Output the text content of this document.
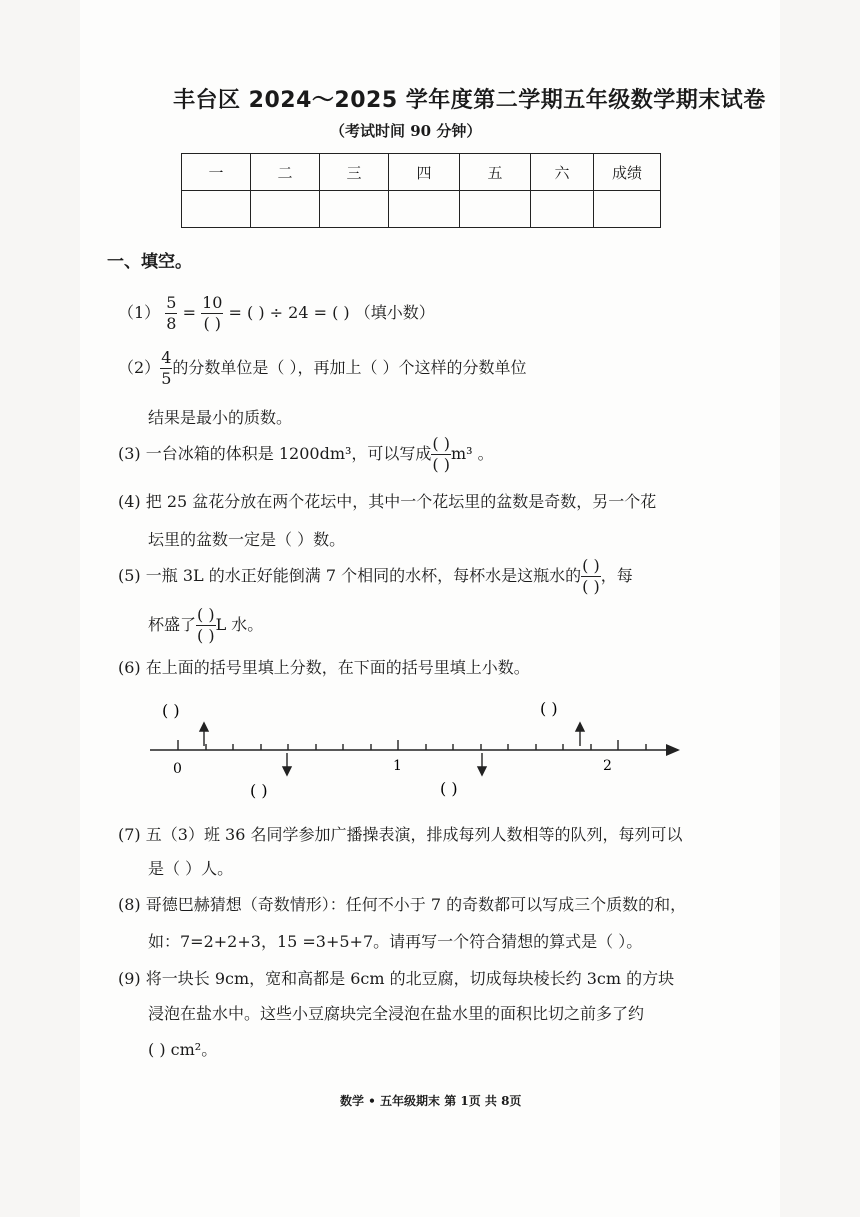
丰台区 2024～2025 学年度第二学期五年级数学期末试卷
（考试时间 90 分钟）
一	二	三	四	五	六	成绩

一、填空。
$(1) \frac{5}{8} = \frac{10}{( )}$ = ( ) ÷ 24 = ( ) （填小数）
$(2) \frac{4}{5}$ 的分数单位是（ ），再加上（ ）个这样的分数单位
结果是最小的质数。
(3) 一台冰箱的体积是 1200dm³，可以写成 $\frac{( )}{( )} m^3$ 。
(4) 把 25 盆花分放在两个花坛中，其中一个花坛里的盆数是奇数，另一个花
坛里的盆数一定是（ ）数。
(5) 一瓶 3L 的水正好能倒满 7 个相同的水杯，每杯水是这瓶水的 $\frac{( )}{( )}$ ，每
杯盛了 $\frac{( )}{( )}$ L 水。
(6) 在上面的括号里填上分数，在下面的括号里填上小数。
( )	( )
0	1	2
( )	( )
(7) 五（3）班 36 名同学参加广播操表演，排成每列人数相等的队列，每列可以
是（ ）人。
(8) 哥德巴赫猜想（奇数情形）：任何不小于 7 的奇数都可以写成三个质数的和，
如：7=2+2+3，15 =3+5+7。请再写一个符合猜想的算式是（ ）。
(9) 将一块长 9cm，宽和高都是 6cm 的北豆腐，切成每块棱长约 3cm 的方块
浸泡在盐水中。这些小豆腐块完全浸泡在盐水里的面积比切之前多了约
( ) cm²。
数学 • 五年级期末 第 1页 共 8页
